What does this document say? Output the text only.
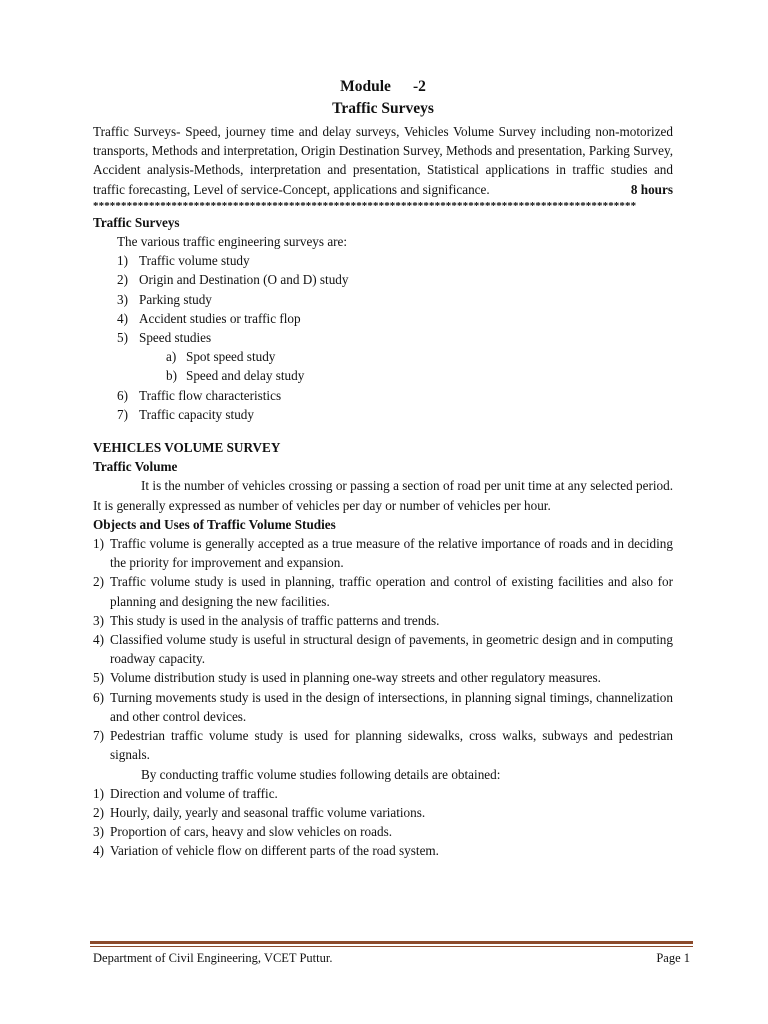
Module -2

Traffic Surveys

Traffic Surveys- Speed, journey time and delay surveys, Vehicles Volume Survey including non-motorized transports, Methods and interpretation, Origin Destination Survey, Methods and presentation, Parking Survey, Accident analysis-Methods, interpretation and presentation, Statistical applications in traffic studies and traffic forecasting, Level of service-Concept, applications and significance.	8 hours

*************************************************************************************************

Traffic Surveys

The various traffic engineering surveys are:

1) Traffic volume study
2) Origin and Destination (O and D) study
3) Parking study
4) Accident studies or traffic flop
5) Speed studies
a) Spot speed study
b) Speed and delay study
6) Traffic flow characteristics
7) Traffic capacity study

VEHICLES VOLUME SURVEY

Traffic Volume

It is the number of vehicles crossing or passing a section of road per unit time at any selected period. It is generally expressed as number of vehicles per day or number of vehicles per hour.

Objects and Uses of Traffic Volume Studies

1) Traffic volume is generally accepted as a true measure of the relative importance of roads and in deciding the priority for improvement and expansion.
2) Traffic volume study is used in planning, traffic operation and control of existing facilities and also for planning and designing the new facilities.
3) This study is used in the analysis of traffic patterns and trends.
4) Classified volume study is useful in structural design of pavements, in geometric design and in computing roadway capacity.
5) Volume distribution study is used in planning one-way streets and other regulatory measures.
6) Turning movements study is used in the design of intersections, in planning signal timings, channelization and other control devices.
7) Pedestrian traffic volume study is used for planning sidewalks, cross walks, subways and pedestrian signals.

By conducting traffic volume studies following details are obtained:

1) Direction and volume of traffic.
2) Hourly, daily, yearly and seasonal traffic volume variations.
3) Proportion of cars, heavy and slow vehicles on roads.
4) Variation of vehicle flow on different parts of the road system.
Department of Civil Engineering, VCET Puttur.	Page 1
